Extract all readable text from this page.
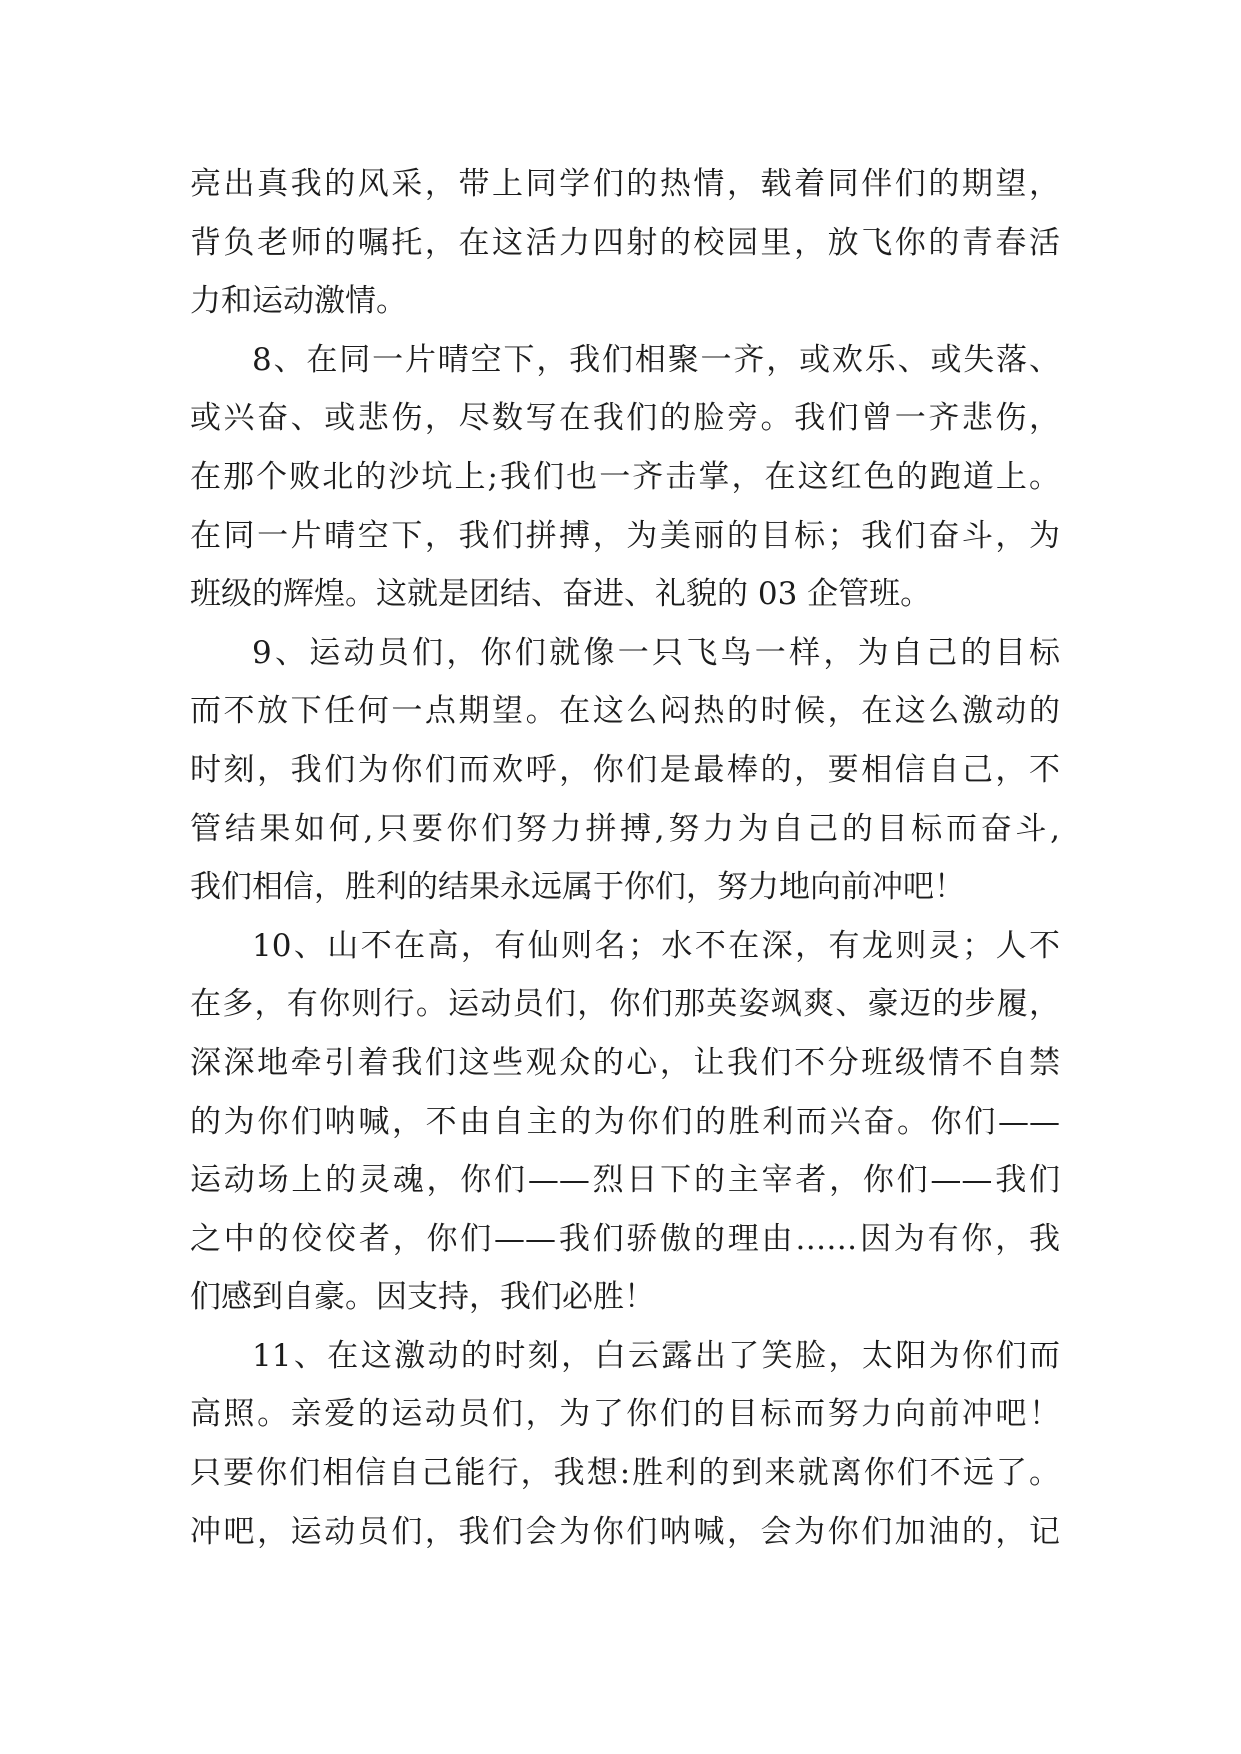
亮出真我的风采，带上同学们的热情，载着同伴们的期望，
背负老师的嘱托，在这活力四射的校园里，放飞你的青春活
力和运动激情。
8、在同一片晴空下，我们相聚一齐，或欢乐、或失落、
或兴奋、或悲伤，尽数写在我们的脸旁。我们曾一齐悲伤，
在那个败北的沙坑上;我们也一齐击掌，在这红色的跑道上。
在同一片晴空下，我们拼搏，为美丽的目标；我们奋斗，为
班级的辉煌。这就是团结、奋进、礼貌的 03 企管班。
9、运动员们，你们就像一只飞鸟一样，为自己的目标
而不放下任何一点期望。在这么闷热的时候，在这么激动的
时刻，我们为你们而欢呼，你们是最棒的，要相信自己，不
管结果如何,只要你们努力拼搏,努力为自己的目标而奋斗,
我们相信，胜利的结果永远属于你们，努力地向前冲吧！
10、山不在高，有仙则名；水不在深，有龙则灵；人不
在多，有你则行。运动员们，你们那英姿飒爽、豪迈的步履，
深深地牵引着我们这些观众的心，让我们不分班级情不自禁
的为你们呐喊，不由自主的为你们的胜利而兴奋。你们——
运动场上的灵魂，你们——烈日下的主宰者，你们——我们
之中的佼佼者，你们——我们骄傲的理由……因为有你，我
们感到自豪。因支持，我们必胜！
11、在这激动的时刻，白云露出了笑脸，太阳为你们而
高照。亲爱的运动员们，为了你们的目标而努力向前冲吧！
只要你们相信自己能行，我想:胜利的到来就离你们不远了。
冲吧，运动员们，我们会为你们呐喊，会为你们加油的，记
